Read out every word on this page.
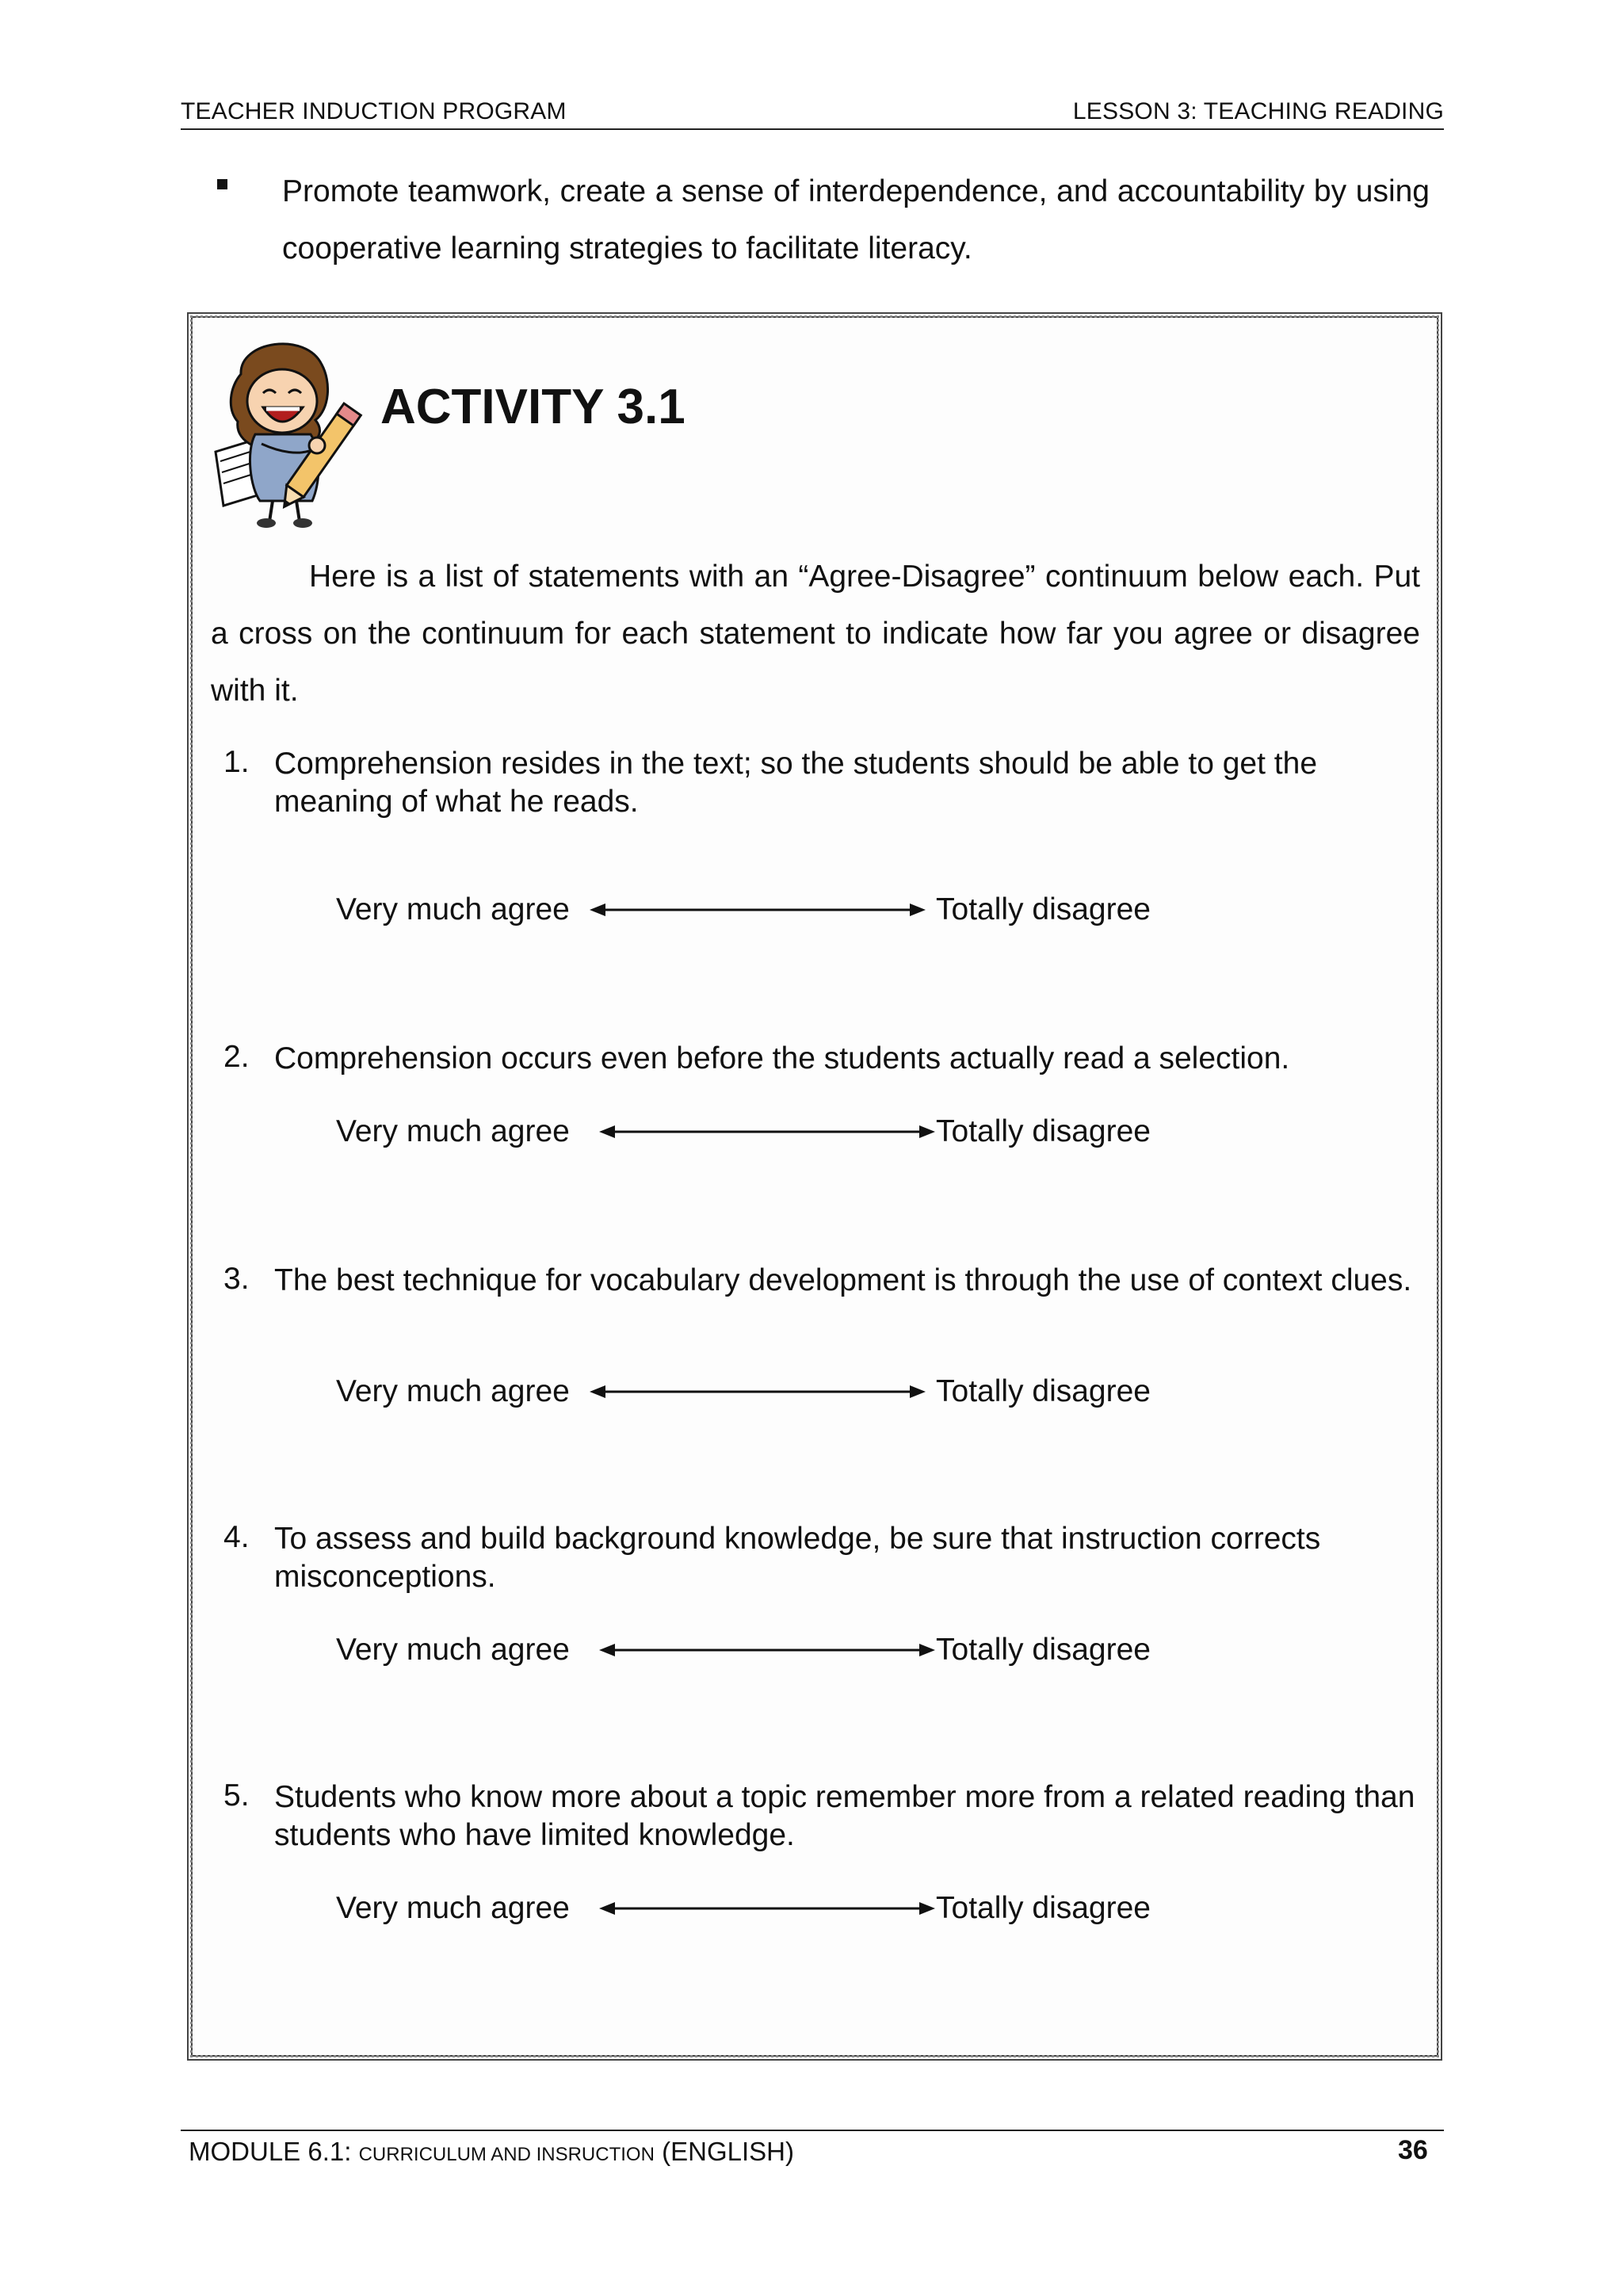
TEACHER INDUCTION PROGRAM	LESSON 3: TEACHING READING
Promote teamwork, create a sense of interdependence, and accountability by using cooperative learning strategies to facilitate literacy.
ACTIVITY 3.1
Here is a list of statements with an “Agree-Disagree” continuum below each. Put a cross on the continuum for each statement to indicate how far you agree or disagree with it.
1. Comprehension resides in the text; so the students should be able to get the meaning of what he reads.
Very much agree	Totally disagree
2. Comprehension occurs even before the students actually read a selection.
Very much agree	Totally disagree
3. The best technique for vocabulary development is through the use of context clues.
Very much agree	Totally disagree
4. To assess and build background knowledge, be sure that instruction corrects misconceptions.
Very much agree	Totally disagree
5. Students who know more about a topic remember more from a related reading than students who have limited knowledge.
Very much agree	Totally disagree
MODULE 6.1: CURRICULUM AND INSRUCTION (ENGLISH)	36
